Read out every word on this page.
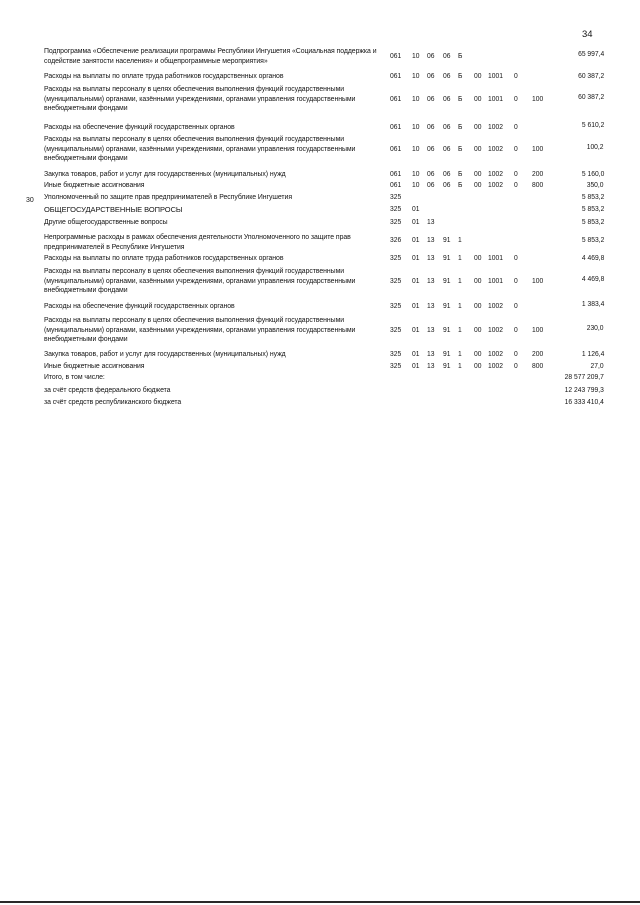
34
Подпрограмма «Обеспечение реализации программы Республики Ингушетия «Социальная поддержка и содействие занятости населения» и общепрограммные мероприятия»
061 10 06 06 Б	65 997,4
Расходы на выплаты по оплате труда работников государственных органов	061 10 06 06 Б 00 1001 0	60 387,2
Расходы на выплаты персоналу в целях обеспечения выполнения функций государственными (муниципальными) органами, казёнными учреждениями, органами управления государственными внебюджетными фондами
061 10 06 06 Б 00 1001 0 100	60 387,2
Расходы на обеспечение функций государственных органов	061 10 06 06 Б 00 1002 0	5 610,2
Расходы на выплаты персоналу в целях обеспечения выполнения функций государственными (муниципальными) органами, казёнными учреждениями, органами управления государственными внебюджетными фондами
061 10 06 06 Б 00 1002 0 100	100,2
Закупка товаров, работ и услуг для государственных (муниципальных) нужд	061 10 06 06 Б 00 1002 0 200	5 160,0
Иные бюджетные ассигнования	061 10 06 06 Б 00 1002 0 800	350,0
30 Уполномоченный по защите прав предпринимателей в Республике Ингушетия	325	5 853,2
ОБЩЕГОСУДАРСТВЕННЫЕ ВОПРОСЫ	325 01	5 853,2
Другие общегосударственные вопросы	325 01 13	5 853,2
Непрограммные расходы в рамках обеспечения деятельности Уполномоченного по защите прав предпринимателей в Республике Ингушетия
326 01 13 91 1	5 853,2
Расходы на выплаты по оплате труда работников государственных органов	325 01 13 91 1 00 1001 0	4 469,8
Расходы на выплаты персоналу в целях обеспечения выполнения функций государственными (муниципальными) органами, казёнными учреждениями, органами управления государственными внебюджетными фондами
325 01 13 91 1 00 1001 0 100	4 469,8
Расходы на обеспечение функций государственных органов	325 01 13 91 1 00 1002 0	1 383,4
Расходы на выплаты персоналу в целях обеспечения выполнения функций государственными (муниципальными) органами, казёнными учреждениями, органами управления государственными внебюджетными фондами
325 01 13 91 1 00 1002 0 100	230,0
Закупка товаров, работ и услуг для государственных (муниципальных) нужд	325 01 13 91 1 00 1002 0 200	1 126,4
Иные бюджетные ассигнования	325 01 13 91 1 00 1002 0 800	27,0
Итого, в том числе:	28 577 209,7
за счёт средств федерального бюджета	12 243 799,3
за счёт средств республиканского бюджета	16 333 410,4
